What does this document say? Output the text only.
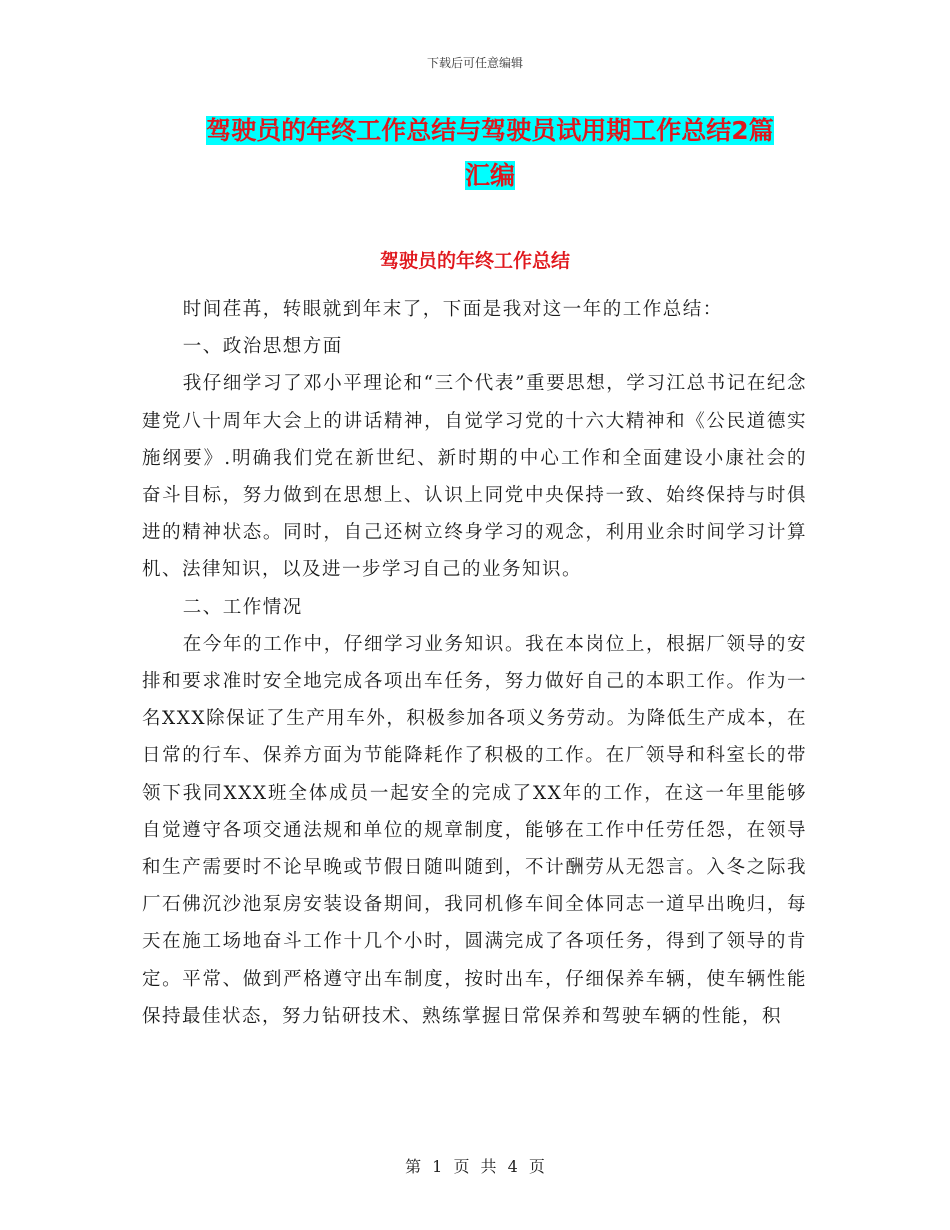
下载后可任意编辑
驾驶员的年终工作总结与驾驶员试用期工作总结2篇
汇编
驾驶员的年终工作总结

时间荏苒，转眼就到年末了，下面是我对这一年的工作总结：

一、政治思想方面

我仔细学习了邓小平理论和“三个代表”重要思想，学习江总书记在纪念建党八十周年大会上的讲话精神，自觉学习党的十六大精神和《公民道德实施纲要》.明确我们党在新世纪、新时期的中心工作和全面建设小康社会的奋斗目标，努力做到在思想上、认识上同党中央保持一致、始终保持与时俱进的精神状态。同时，自己还树立终身学习的观念，利用业余时间学习计算机、法律知识，以及进一步学习自己的业务知识。

二、工作情况

在今年的工作中，仔细学习业务知识。我在本岗位上，根据厂领导的安排和要求准时安全地完成各项出车任务，努力做好自己的本职工作。作为一名XXX除保证了生产用车外，积极参加各项义务劳动。为降低生产成本，在日常的行车、保养方面为节能降耗作了积极的工作。在厂领导和科室长的带领下我同XXX班全体成员一起安全的完成了XX年的工作，在这一年里能够自觉遵守各项交通法规和单位的规章制度，能够在工作中任劳任怨，在领导和生产需要时不论早晚或节假日随叫随到，不计酬劳从无怨言。入冬之际我厂石佛沉沙池泵房安装设备期间，我同机修车间全体同志一道早出晚归，每天在施工场地奋斗工作十几个小时，圆满完成了各项任务，得到了领导的肯定。平常、做到严格遵守出车制度，按时出车，仔细保养车辆，使车辆性能保持最佳状态，努力钻研技术、熟练掌握日常保养和驾驶车辆的性能，积

第 1 页 共 4 页
